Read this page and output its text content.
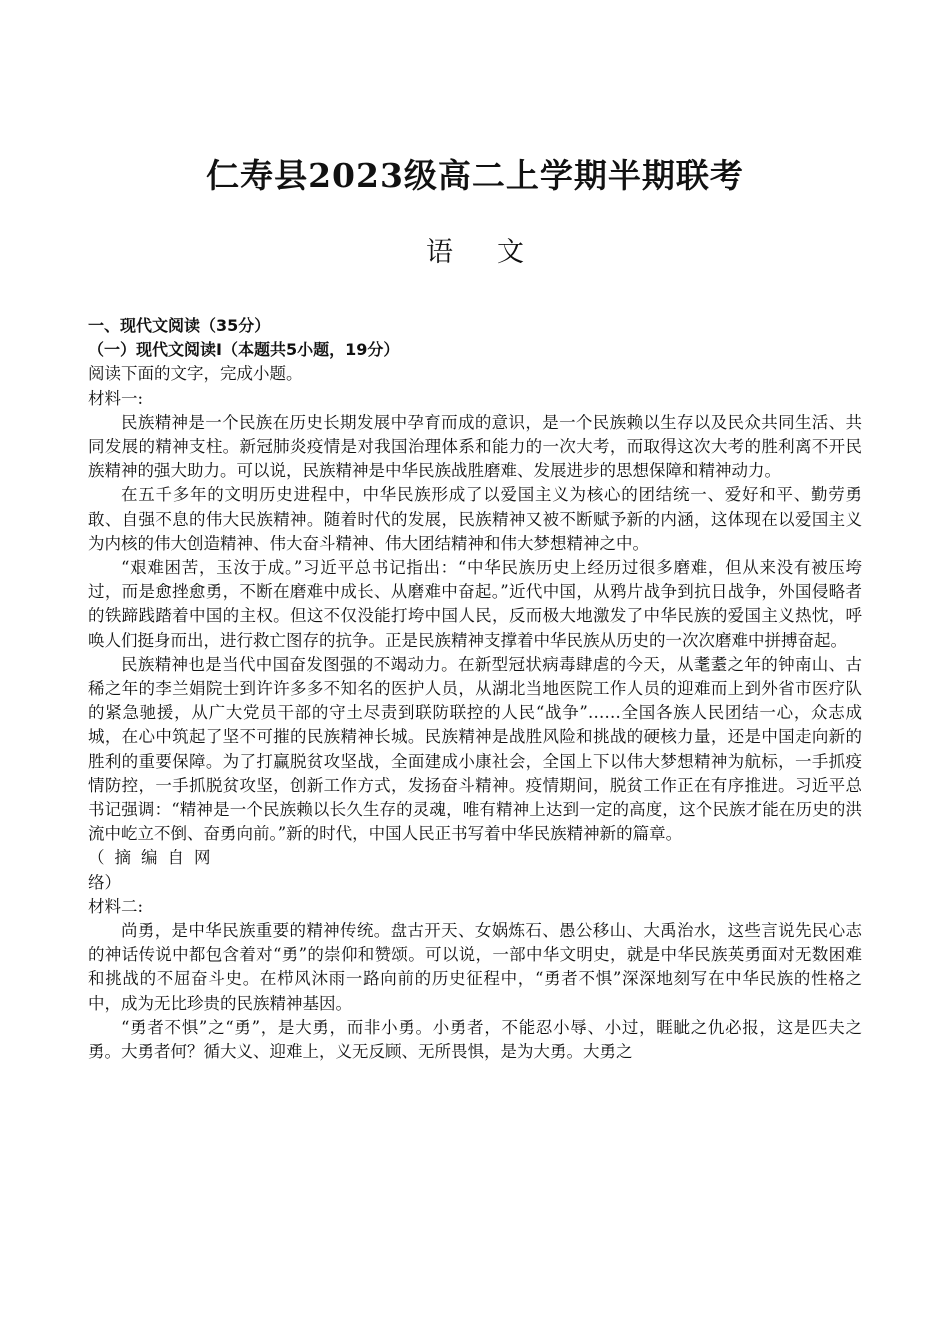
仁寿县2023级高二上学期半期联考
语 文
一、现代文阅读（35分）
（一）现代文阅读Ⅰ（本题共5小题，19分）
阅读下面的文字，完成小题。
材料一:

民族精神是一个民族在历史长期发展中孕育而成的意识，是一个民族赖以生存以及民众共同生活、共同发展的精神支柱。新冠肺炎疫情是对我国治理体系和能力的一次大考，而取得这次大考的胜利离不开民族精神的强大助力。可以说，民族精神是中华民族战胜磨难、发展进步的思想保障和精神动力。

在五千多年的文明历史进程中，中华民族形成了以爱国主义为核心的团结统一、爱好和平、勤劳勇敢、自强不息的伟大民族精神。随着时代的发展，民族精神又被不断赋予新的内涵，这体现在以爱国主义为内核的伟大创造精神、伟大奋斗精神、伟大团结精神和伟大梦想精神之中。

“艰难困苦，玉汝于成。”习近平总书记指出：“中华民族历史上经历过很多磨难，但从来没有被压垮过，而是愈挫愈勇，不断在磨难中成长、从磨难中奋起。”近代中国，从鸦片战争到抗日战争，外国侵略者的铁蹄践踏着中国的主权。但这不仅没能打垮中国人民，反而极大地激发了中华民族的爱国主义热忱，呼唤人们挺身而出，进行救亡图存的抗争。正是民族精神支撑着中华民族从历史的一次次磨难中拼搏奋起。

民族精神也是当代中国奋发图强的不竭动力。在新型冠状病毒肆虐的今天，从耄耋之年的钟南山、古稀之年的李兰娟院士到许许多多不知名的医护人员，从湖北当地医院工作人员的迎难而上到外省市医疗队的紧急驰援，从广大党员干部的守土尽责到联防联控的人民“战争”……全国各族人民团结一心，众志成城，在心中筑起了坚不可摧的民族精神长城。民族精神是战胜风险和挑战的硬核力量，还是中国走向新的胜利的重要保障。为了打赢脱贫攻坚战，全面建成小康社会，全国上下以伟大梦想精神为航标，一手抓疫情防控，一手抓脱贫攻坚，创新工作方式，发扬奋斗精神。疫情期间，脱贫工作正在有序推进。习近平总书记强调：“精神是一个民族赖以长久生存的灵魂，唯有精神上达到一定的高度，这个民族才能在历史的洪流中屹立不倒、奋勇向前。”新的时代，中国人民正书写着中华民族精神新的篇章。

（摘编自网

络）
材料二:

尚勇，是中华民族重要的精神传统。盘古开天、女娲炼石、愚公移山、大禹治水，这些言说先民心志的神话传说中都包含着对“勇”的崇仰和赞颂。可以说，一部中华文明史，就是中华民族英勇面对无数困难和挑战的不屈奋斗史。在栉风沐雨一路向前的历史征程中，“勇者不惧”深深地刻写在中华民族的性格之中，成为无比珍贵的民族精神基因。

“勇者不惧”之“勇”，是大勇，而非小勇。小勇者，不能忍小辱、小过，睚眦之仇必报，这是匹夫之勇。大勇者何？循大义、迎难上，义无反顾、无所畏惧，是为大勇。大勇之
